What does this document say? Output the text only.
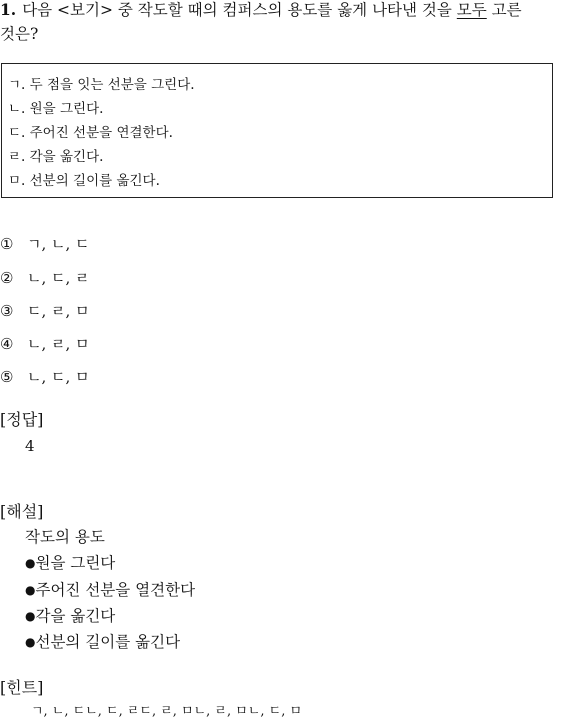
1. 다음 <보기> 중 작도할 때의 컴퍼스의 용도를 옳게 나타낸 것을 모두 고른
것은?
ㄱ. 두 점을 잇는 선분을 그린다.
ㄴ. 원을 그린다.
ㄷ. 주어진 선분을 연결한다.
ㄹ. 각을 옮긴다.
ㅁ. 선분의 길이를 옮긴다.
① ㄱ, ㄴ, ㄷ
② ㄴ, ㄷ, ㄹ
③ ㄷ, ㄹ, ㅁ
④ ㄴ, ㄹ, ㅁ
⑤ ㄴ, ㄷ, ㅁ
[정답]
4
[해설]
작도의 용도
●원을 그린다
●주어진 선분을 열견한다
●각을 옮긴다
●선분의 길이를 옮긴다
[힌트]
ㄱ, ㄴ, ㄷㄴ, ㄷ, ㄹㄷ, ㄹ, ㅁㄴ, ㄹ, ㅁㄴ, ㄷ, ㅁ
